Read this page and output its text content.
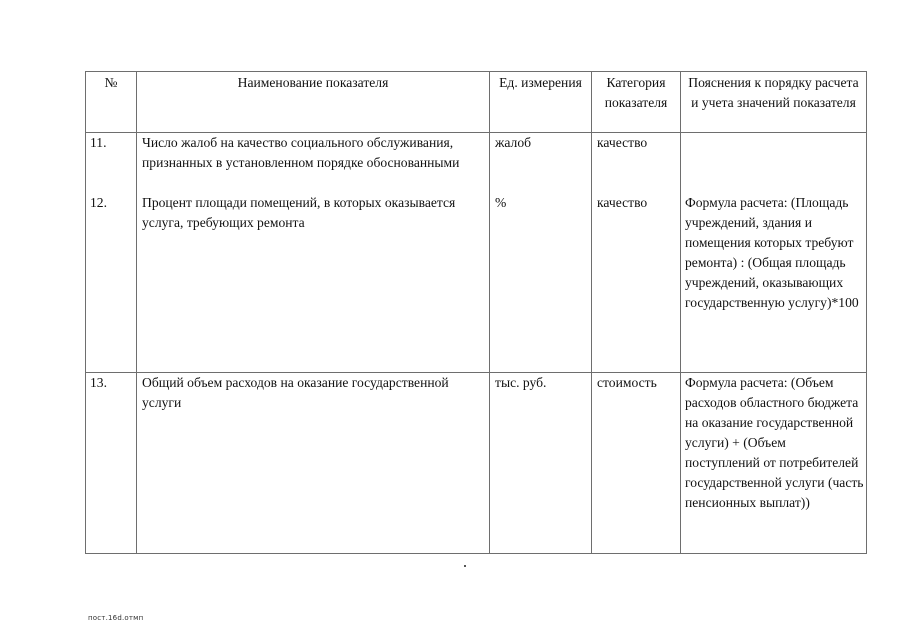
№	Наименование показателя	Ед. измерения	Категория показателя	Пояснения к порядку расчета и учета значений показателя
11.	Число жалоб на качество социального обслуживания, признанных в установленном порядке обоснованными	жалоб	качество	
12.	Процент площади помещений, в которых оказывается услуга, требующих ремонта	%	качество	Формула расчета: (Площадь учреждений, здания и помещения которых требуют ремонта) : (Общая площадь учреждений, оказывающих государственную услугу)*100
13.	Общий объем расходов на оказание государственной услуги	тыс. руб.	стоимость	Формула расчета: (Объем расходов областного бюджета на оказание государственной услуги) + (Объем поступлений от потребителей государственной услуги (часть пенсионных выплат))
пост.16d.отмп
